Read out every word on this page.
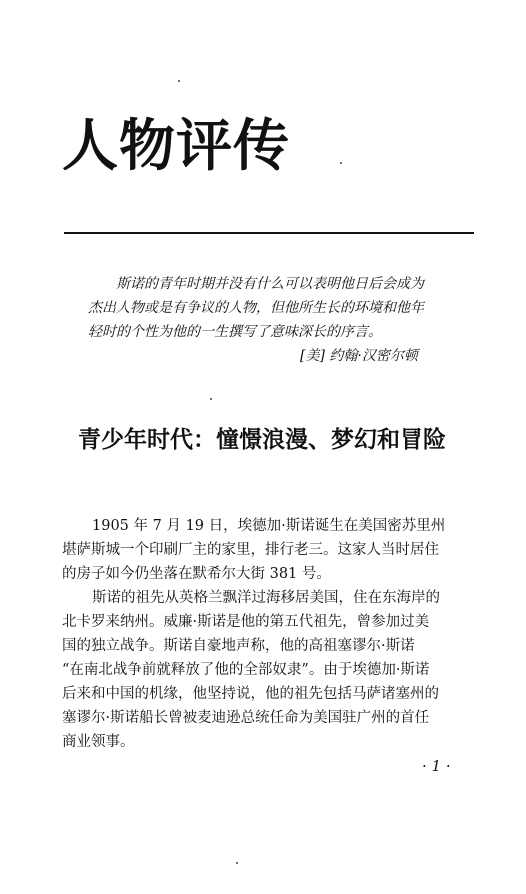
人物评传
斯诺的青年时期并没有什么可以表明他日后会成为
杰出人物或是有争议的人物，但他所生长的环境和他年
轻时的个性为他的一生撰写了意味深长的序言。
[美] 约翰·汉密尔顿
青少年时代：憧憬浪漫、梦幻和冒险
1905 年 7 月 19 日，埃德加·斯诺诞生在美国密苏里州
堪萨斯城一个印刷厂主的家里，排行老三。这家人当时居住
的房子如今仍坐落在默希尔大街 381 号。
斯诺的祖先从英格兰飘洋过海移居美国，住在东海岸的
北卡罗来纳州。威廉·斯诺是他的第五代祖先，曾参加过美
国的独立战争。斯诺自豪地声称，他的高祖塞谬尔·斯诺
“在南北战争前就释放了他的全部奴隶”。由于埃德加·斯诺
后来和中国的机缘，他坚持说，他的祖先包括马萨诸塞州的
塞谬尔·斯诺船长曾被麦迪逊总统任命为美国驻广州的首任
商业领事。
· 1 ·
